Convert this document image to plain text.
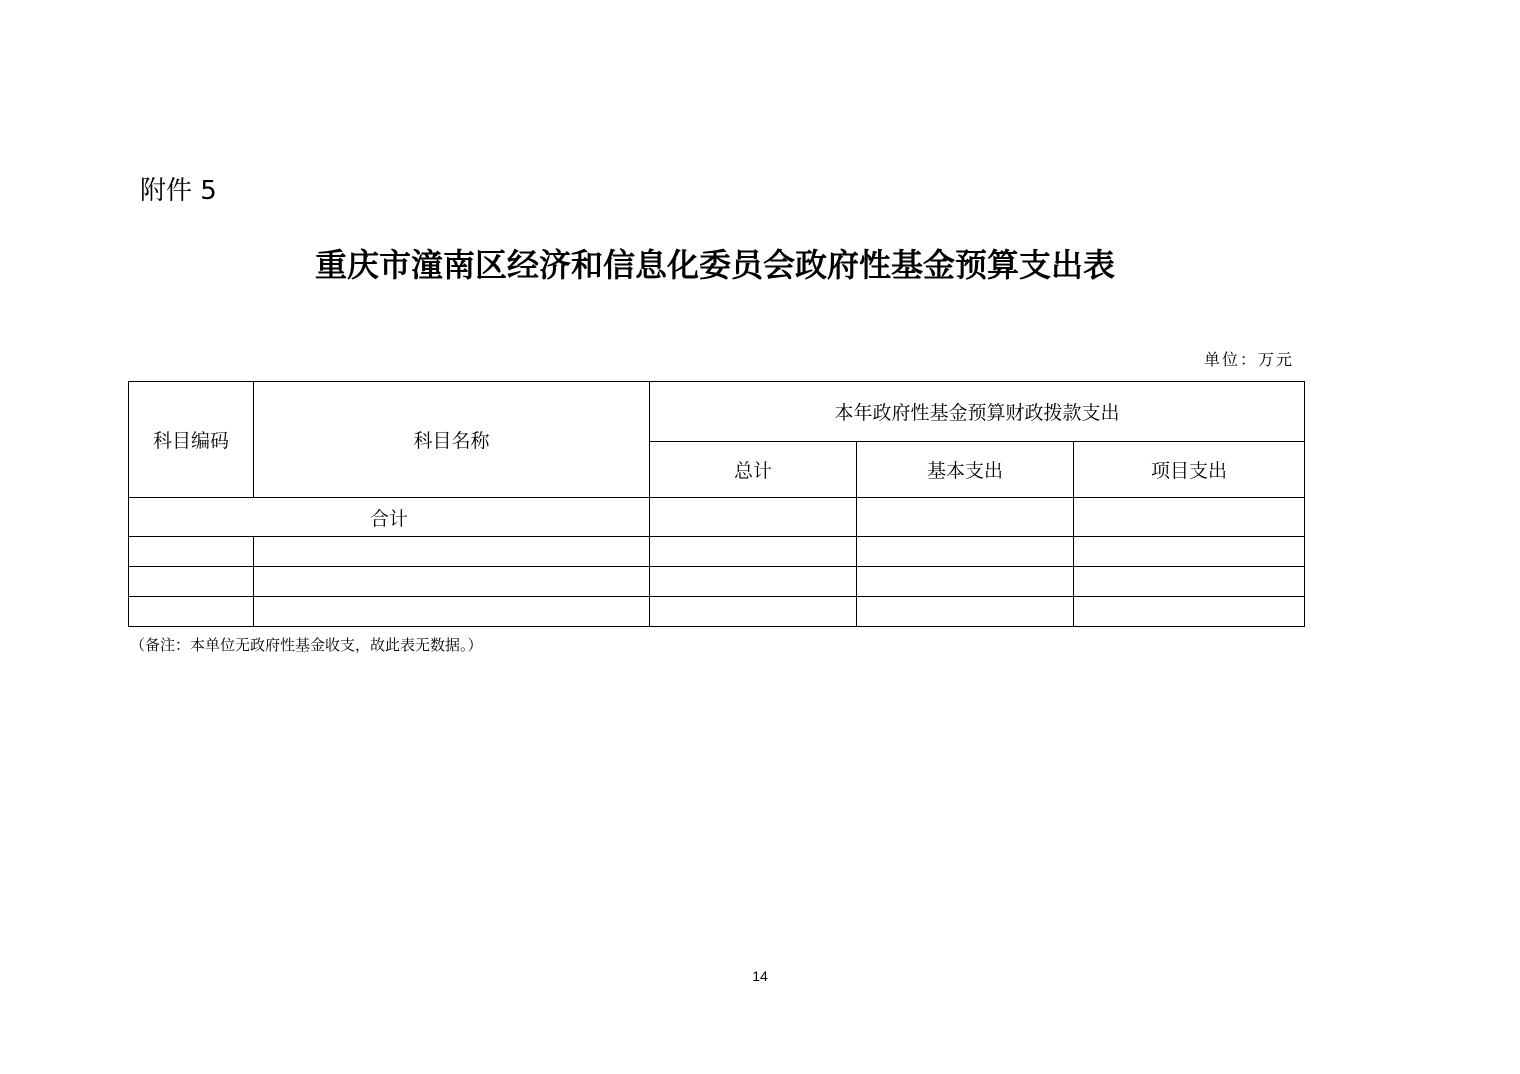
附件 5
重庆市潼南区经济和信息化委员会政府性基金预算支出表
单位：万元
科目编码	科目名称	本年政府性基金预算财政拨款支出		
		总计	基本支出	项目支出
合计				

（备注：本单位无政府性基金收支，故此表无数据。）
14
